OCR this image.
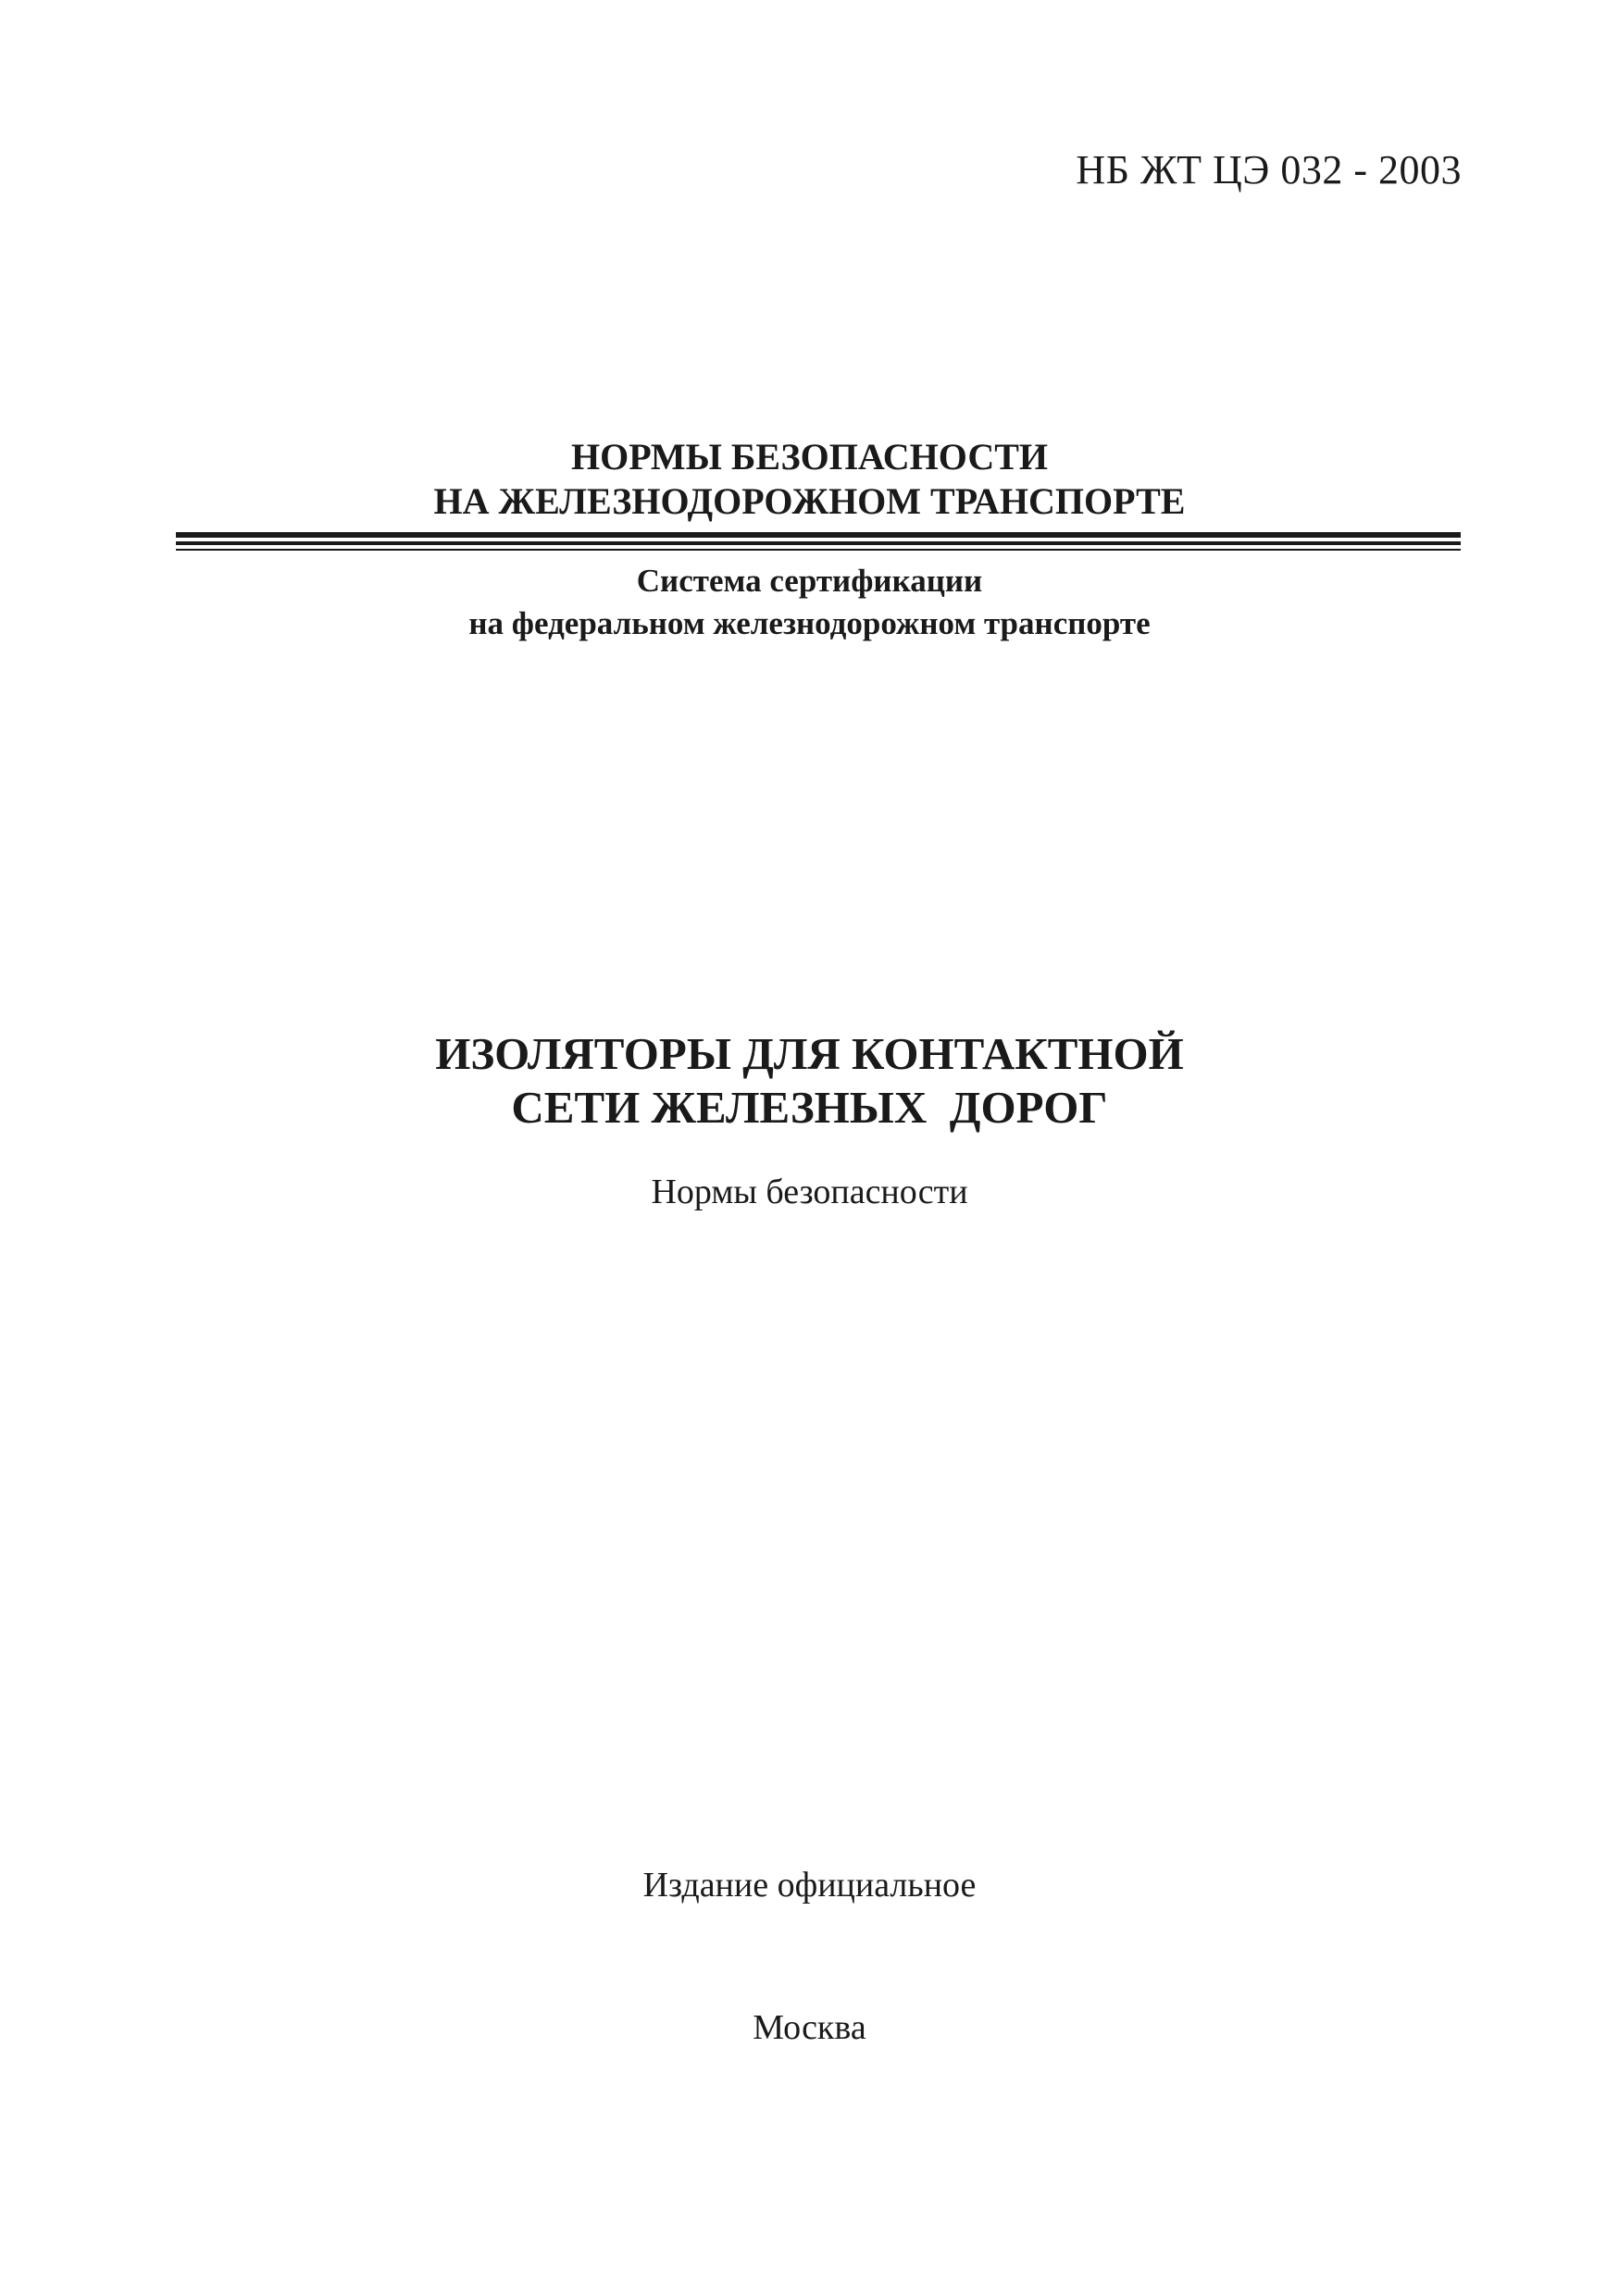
НБ ЖТ ЦЭ 032 - 2003
НОРМЫ БЕЗОПАСНОСТИ
НА ЖЕЛЕЗНОДОРОЖНОМ ТРАНСПОРТЕ
Система сертификации
на федеральном железнодорожном транспорте
ИЗОЛЯТОРЫ ДЛЯ КОНТАКТНОЙ
СЕТИ ЖЕЛЕЗНЫХ  ДОРОГ
Нормы безопасности
Издание официальное
Москва
